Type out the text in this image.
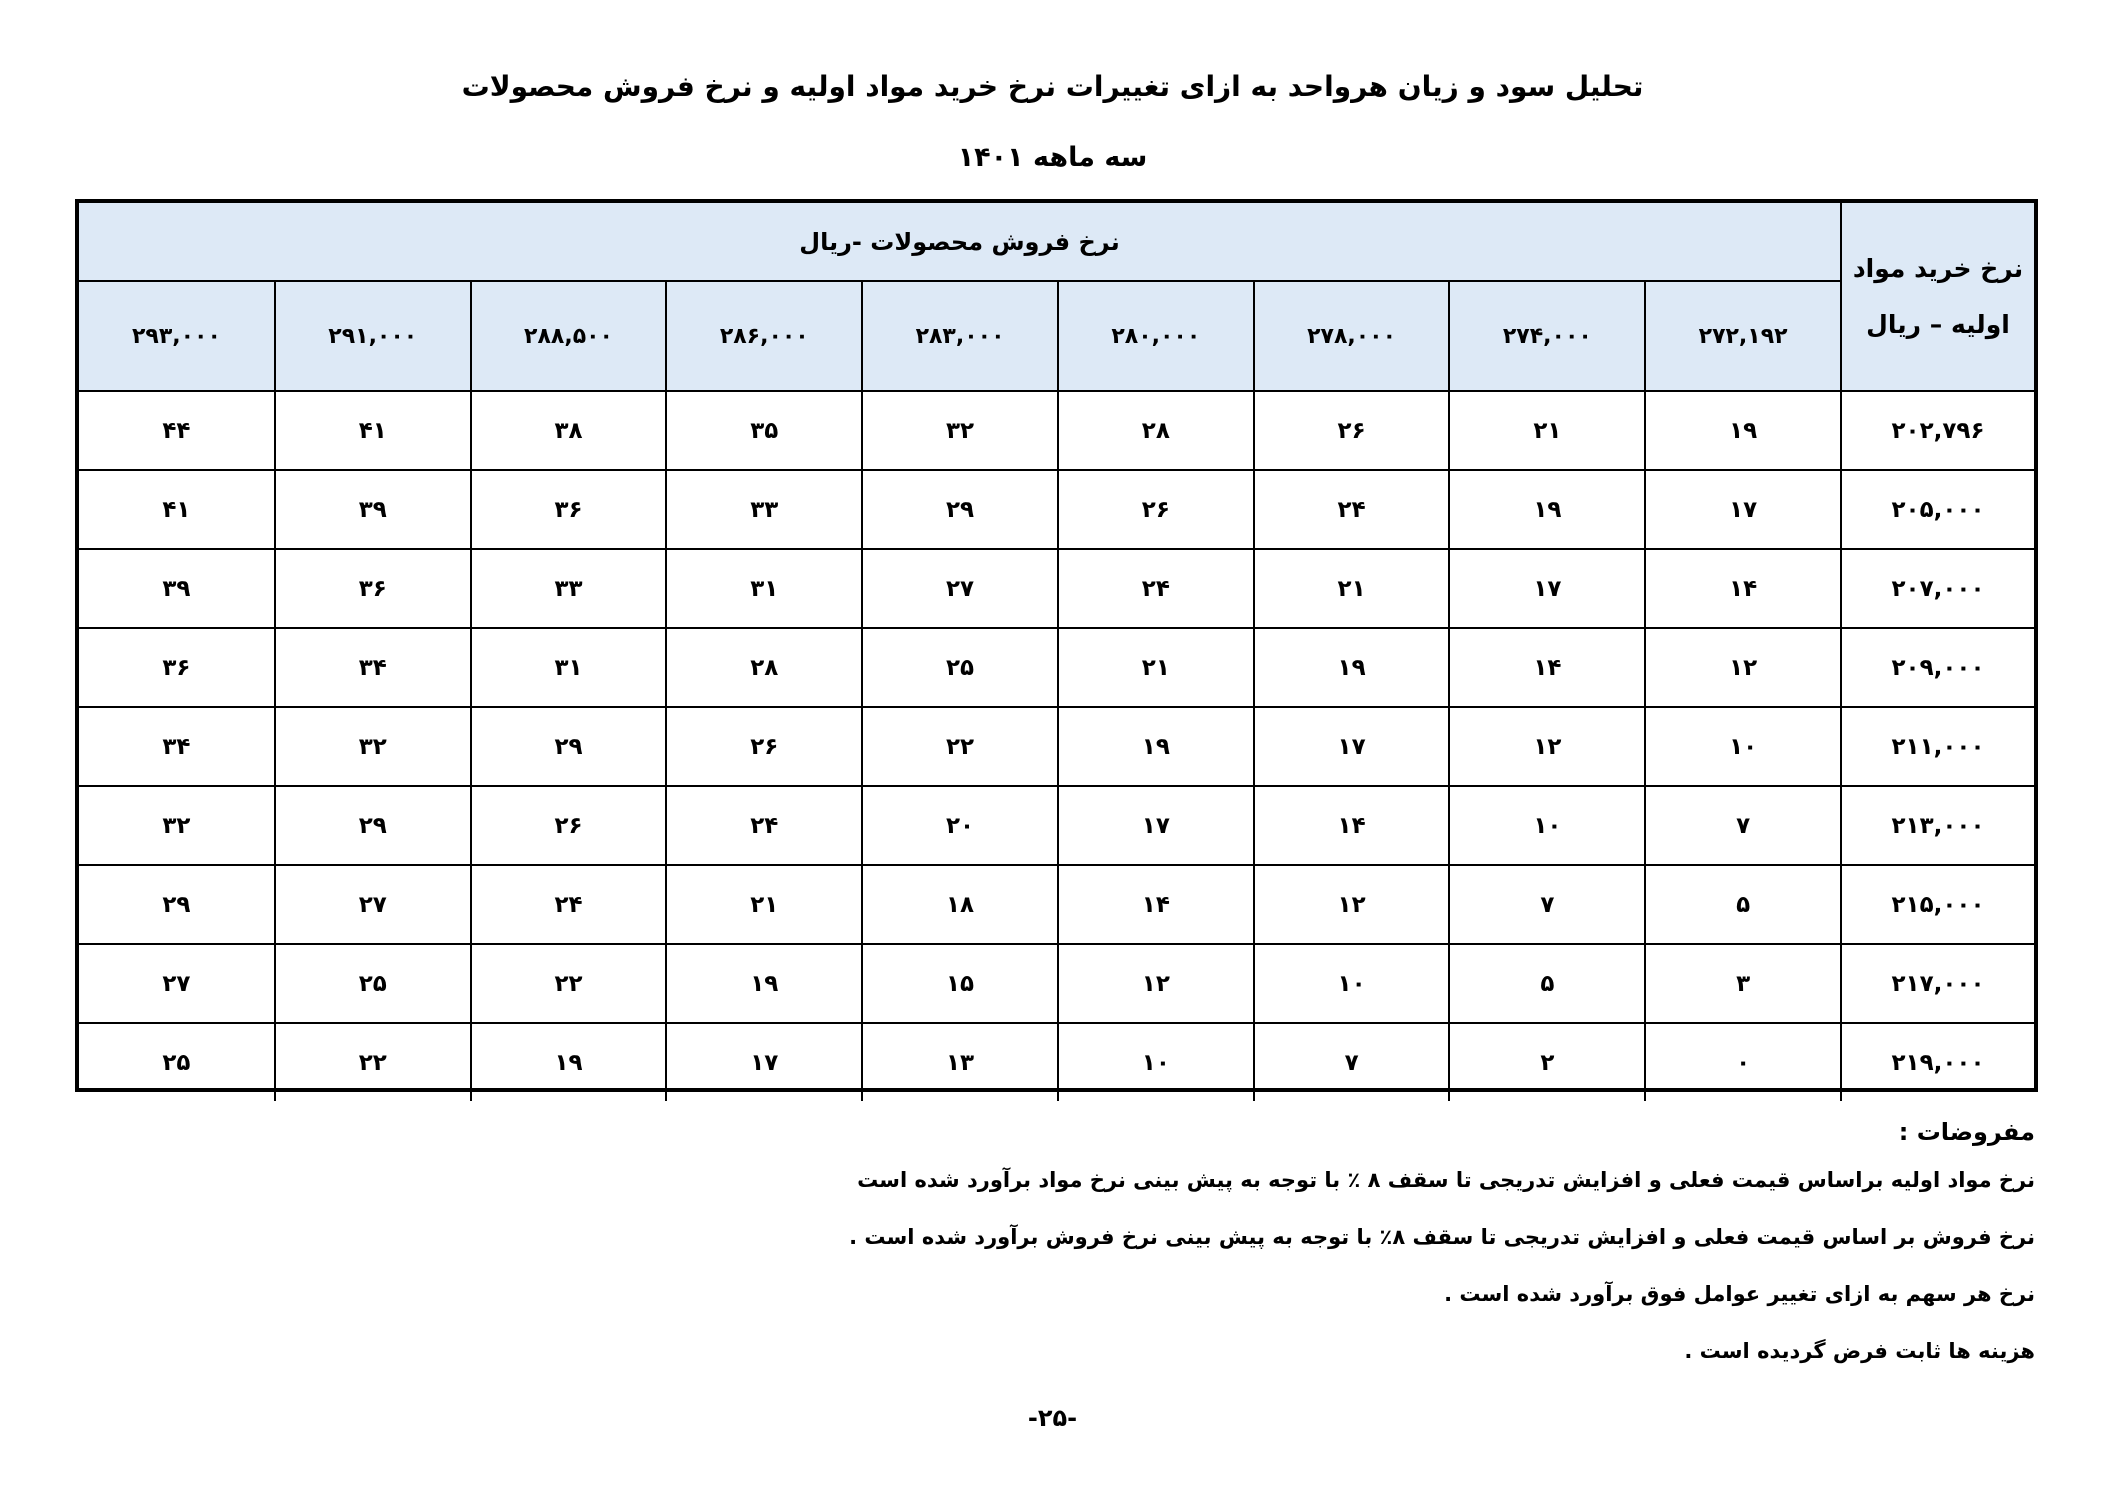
تحلیل سود و زیان هرواحد به ازای تغییرات نرخ خرید مواد اولیه و نرخ فروش محصولات
سه ماهه ۱۴۰۱
نرخ خرید مواد اولیه – ریال	نرخ فروش محصولات -ریال								
	۲۷۲,۱۹۲	۲۷۴,۰۰۰	۲۷۸,۰۰۰	۲۸۰,۰۰۰	۲۸۳,۰۰۰	۲۸۶,۰۰۰	۲۸۸,۵۰۰	۲۹۱,۰۰۰	۲۹۳,۰۰۰
۲۰۲,۷۹۶	۱۹	۲۱	۲۶	۲۸	۳۲	۳۵	۳۸	۴۱	۴۴
۲۰۵,۰۰۰	۱۷	۱۹	۲۴	۲۶	۲۹	۳۳	۳۶	۳۹	۴۱
۲۰۷,۰۰۰	۱۴	۱۷	۲۱	۲۴	۲۷	۳۱	۳۳	۳۶	۳۹
۲۰۹,۰۰۰	۱۲	۱۴	۱۹	۲۱	۲۵	۲۸	۳۱	۳۴	۳۶
۲۱۱,۰۰۰	۱۰	۱۲	۱۷	۱۹	۲۲	۲۶	۲۹	۳۲	۳۴
۲۱۳,۰۰۰	۷	۱۰	۱۴	۱۷	۲۰	۲۴	۲۶	۲۹	۳۲
۲۱۵,۰۰۰	۵	۷	۱۲	۱۴	۱۸	۲۱	۲۴	۲۷	۲۹
۲۱۷,۰۰۰	۳	۵	۱۰	۱۲	۱۵	۱۹	۲۲	۲۵	۲۷
۲۱۹,۰۰۰	۰	۲	۷	۱۰	۱۳	۱۷	۱۹	۲۲	۲۵
مفروضات :
نرخ مواد اولیه براساس قیمت فعلی و افزایش تدریجی تا سقف ۸ ٪ با توجه به پیش بینی نرخ مواد برآورد شده است
نرخ فروش بر اساس قیمت فعلی و افزایش تدریجی تا سقف ۸٪ با توجه به پیش بینی نرخ فروش برآورد شده است .
نرخ هر سهم به ازای تغییر عوامل فوق برآورد شده است .
هزینه ها ثابت فرض گردیده است .
-۲۵-
